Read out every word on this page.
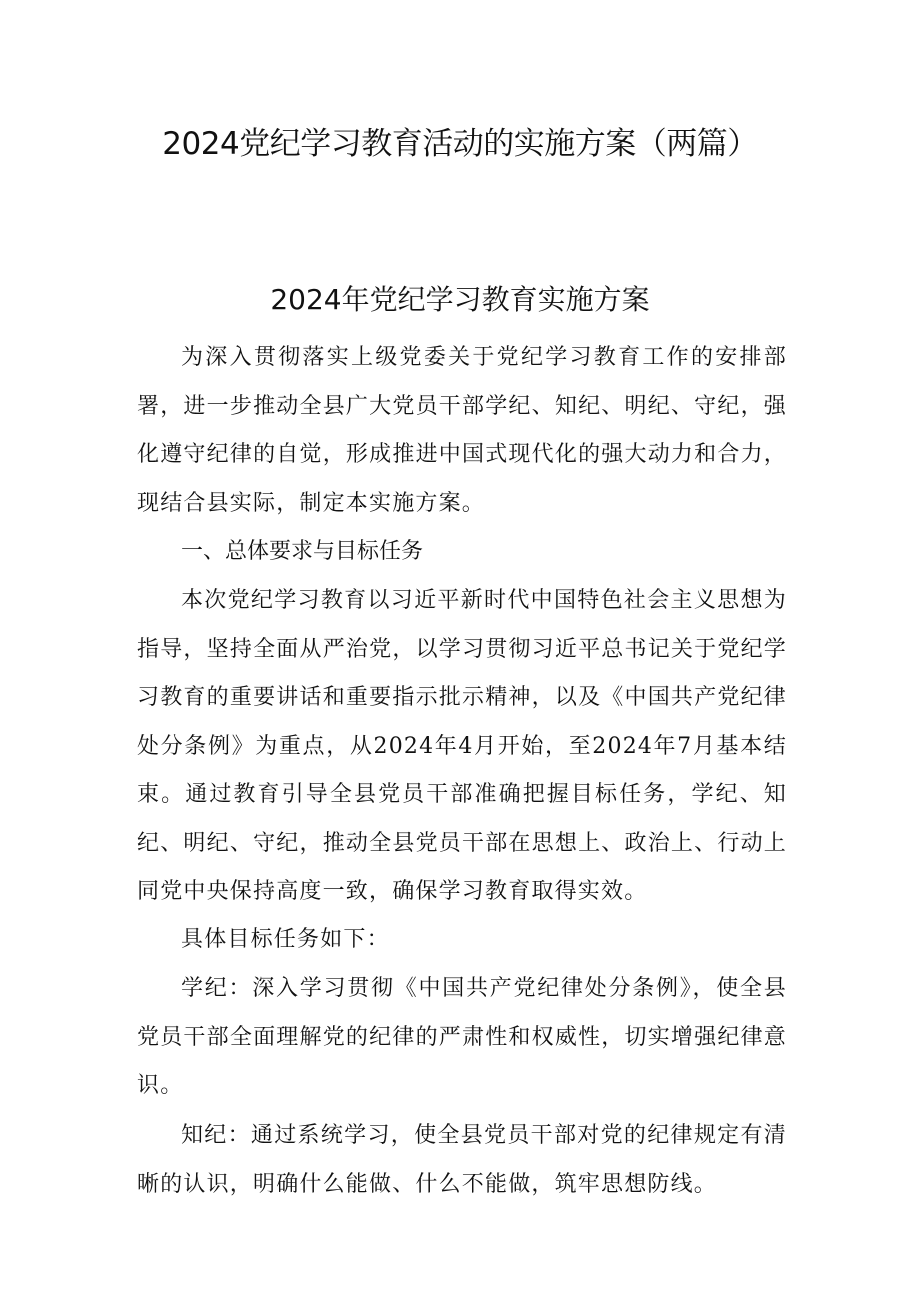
2024党纪学习教育活动的实施方案（两篇）
2024年党纪学习教育实施方案

为深入贯彻落实上级党委关于党纪学习教育工作的安排部署，进一步推动全县广大党员干部学纪、知纪、明纪、守纪，强化遵守纪律的自觉，形成推进中国式现代化的强大动力和合力，现结合县实际，制定本实施方案。

一、总体要求与目标任务

本次党纪学习教育以习近平新时代中国特色社会主义思想为指导，坚持全面从严治党，以学习贯彻习近平总书记关于党纪学习教育的重要讲话和重要指示批示精神，以及《中国共产党纪律处分条例》为重点，从2024年4月开始，至2024年7月基本结束。通过教育引导全县党员干部准确把握目标任务，学纪、知纪、明纪、守纪，推动全县党员干部在思想上、政治上、行动上同党中央保持高度一致，确保学习教育取得实效。

具体目标任务如下：

学纪：深入学习贯彻《中国共产党纪律处分条例》，使全县党员干部全面理解党的纪律的严肃性和权威性，切实增强纪律意识。

知纪：通过系统学习，使全县党员干部对党的纪律规定有清晰的认识，明确什么能做、什么不能做，筑牢思想防线。
